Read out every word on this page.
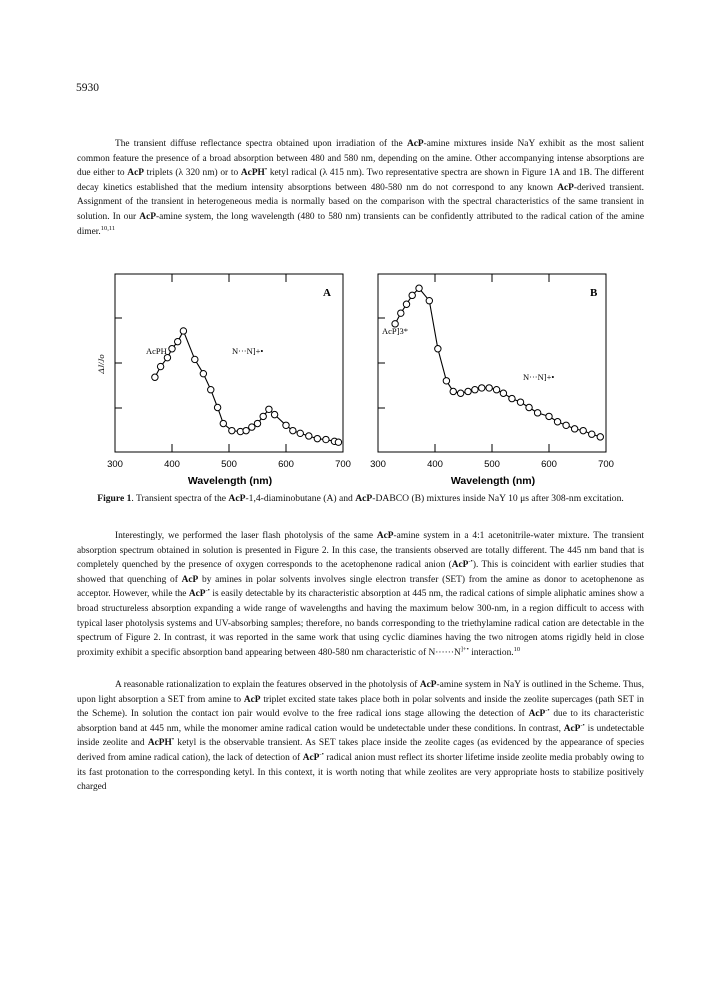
5930

The transient diffuse reflectance spectra obtained upon irradiation of the AcP-amine mixtures inside NaY exhibit as the most salient common feature the presence of a broad absorption between 480 and 580 nm, depending on the amine. Other accompanying intense absorptions are due either to AcP triplets (λ 320 nm) or to AcPH• ketyl radical (λ 415 nm). Two representative spectra are shown in Figure 1A and 1B. The different decay kinetics established that the medium intensity absorptions between 480-580 nm do not correspond to any known AcP-derived transient. Assignment of the transient in heterogeneous media is normally based on the comparison with the spectral characteristics of the same transient in solution. In our AcP-amine system, the long wavelength (480 to 580 nm) transients can be confidently attributed to the radical cation of the amine dimer.$^{10,11}$

300	400	500	600	700 300	400	500	600	700
A	B
AcPH ·	N···N]+•
AcP]3*
N···N]+•
ΔJ/Jo
Wavelength (nm)	Wavelength (nm)
Figure 1. Transient spectra of the AcP-1,4-diaminobutane (A) and AcP-DABCO (B) mixtures inside NaY 10 μs after 308-nm excitation.

Interestingly, we performed the laser flash photolysis of the same AcP-amine system in a 4:1 acetonitrile-water mixture. The transient absorption spectrum obtained in solution is presented in Figure 2. In this case, the transients observed are totally different. The 445 nm band that is completely quenched by the presence of oxygen corresponds to the acetophenone radical anion (AcP-•). This is coincident with earlier studies that showed that quenching of AcP by amines in polar solvents involves single electron transfer (SET) from the amine as donor to acetophenone as acceptor. However, while the AcP-• is easily detectable by its characteristic absorption at 445 nm, the radical cations of simple aliphatic amines show a broad structureless absorption expanding a wide range of wavelengths and having the maximum below 300-nm, in a region difficult to access with typical laser photolysis systems and UV-absorbing samples; therefore, no bands corresponding to the triethylamine radical cation are detectable in the spectrum of Figure 2. In contrast, it was reported in the same work that using cyclic diamines having the two nitrogen atoms rigidly held in close proximity exhibit a specific absorption band appearing between 480-580 nm characteristic of N······N]+• interaction.$^{10}$

A reasonable rationalization to explain the features observed in the photolysis of AcP-amine system in NaY is outlined in the Scheme. Thus, upon light absorption a SET from amine to AcP triplet excited state takes place both in polar solvents and inside the zeolite supercages (path SET in the Scheme). In solution the contact ion pair would evolve to the free radical ions stage allowing the detection of AcP-• due to its characteristic absorption band at 445 nm, while the monomer amine radical cation would be undetectable under these conditions. In contrast, AcP-• is undetectable inside zeolite and AcPH• ketyl is the observable transient. As SET takes place inside the zeolite cages (as evidenced by the appearance of species derived from amine radical cation), the lack of detection of AcP-• radical anion must reflect its shorter lifetime inside zeolite media probably owing to its fast protonation to the corresponding ketyl. In this context, it is worth noting that while zeolites are very appropriate hosts to stabilize positively charged
